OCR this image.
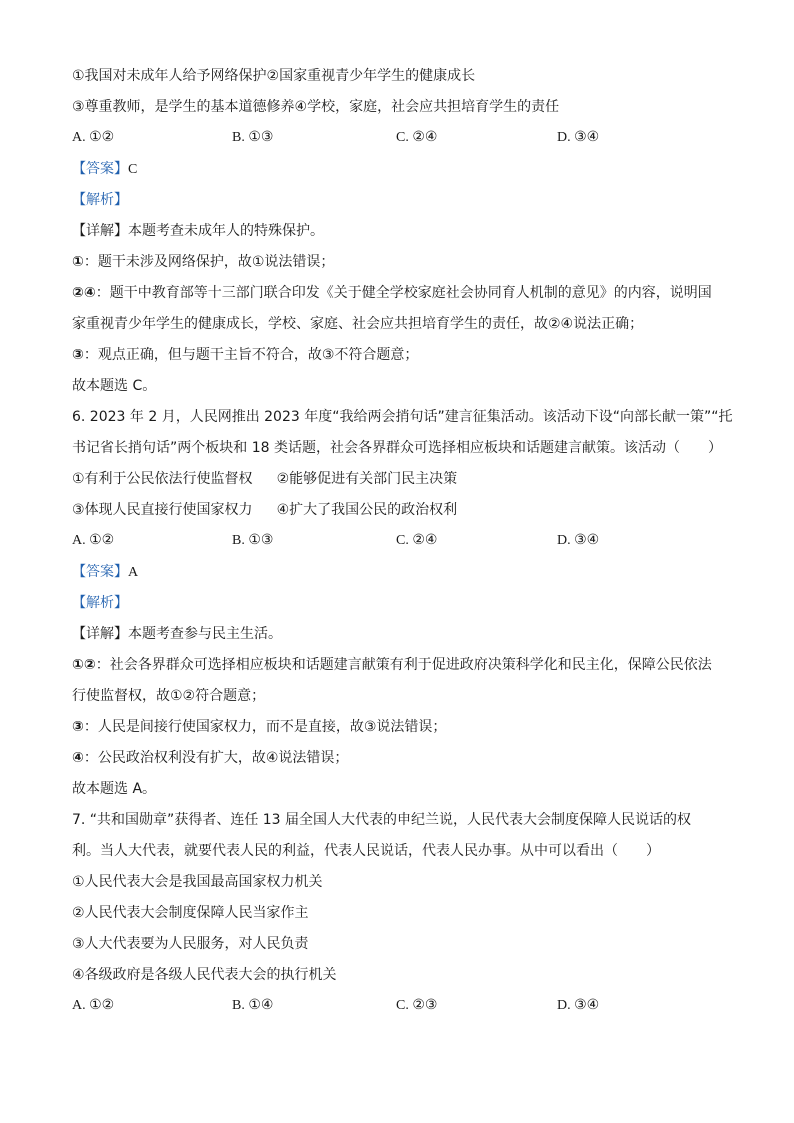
①我国对未成年人给予网络保护②国家重视青少年学生的健康成长
③尊重教师，是学生的基本道德修养④学校，家庭，社会应共担培育学生的责任
A. ①②	B. ①③	C. ②④	D. ③④
【答案】C
【解析】
【详解】本题考查未成年人的特殊保护。
①：题干未涉及网络保护，故①说法错误；
②④：题干中教育部等十三部门联合印发《关于健全学校家庭社会协同育人机制的意见》的内容，说明国
家重视青少年学生的健康成长，学校、家庭、社会应共担培育学生的责任，故②④说法正确；
③：观点正确，但与题干主旨不符合，故③不符合题意；
故本题选 C。
6. 2023 年 2 月，人民网推出 2023 年度“我给两会捎句话”建言征集活动。该活动下设“向部长献一策”“托
书记省长捎句话”两个板块和 18 类话题，社会各界群众可选择相应板块和话题建言献策。该活动（　　）
①有利于公民依法行使监督权 ②能够促进有关部门民主决策
③体现人民直接行使国家权力 ④扩大了我国公民的政治权利
A. ①②	B. ①③	C. ②④	D. ③④
【答案】A
【解析】
【详解】本题考查参与民主生活。
①②：社会各界群众可选择相应板块和话题建言献策有利于促进政府决策科学化和民主化，保障公民依法
行使监督权，故①②符合题意；
③：人民是间接行使国家权力，而不是直接，故③说法错误；
④：公民政治权利没有扩大，故④说法错误；
故本题选 A。
7. “共和国勋章”获得者、连任 13 届全国人大代表的申纪兰说，人民代表大会制度保障人民说话的权
利。当人大代表，就要代表人民的利益，代表人民说话，代表人民办事。从中可以看出（　　）
①人民代表大会是我国最高国家权力机关
②人民代表大会制度保障人民当家作主
③人大代表要为人民服务，对人民负责
④各级政府是各级人民代表大会的执行机关
A. ①②	B. ①④	C. ②③	D. ③④
